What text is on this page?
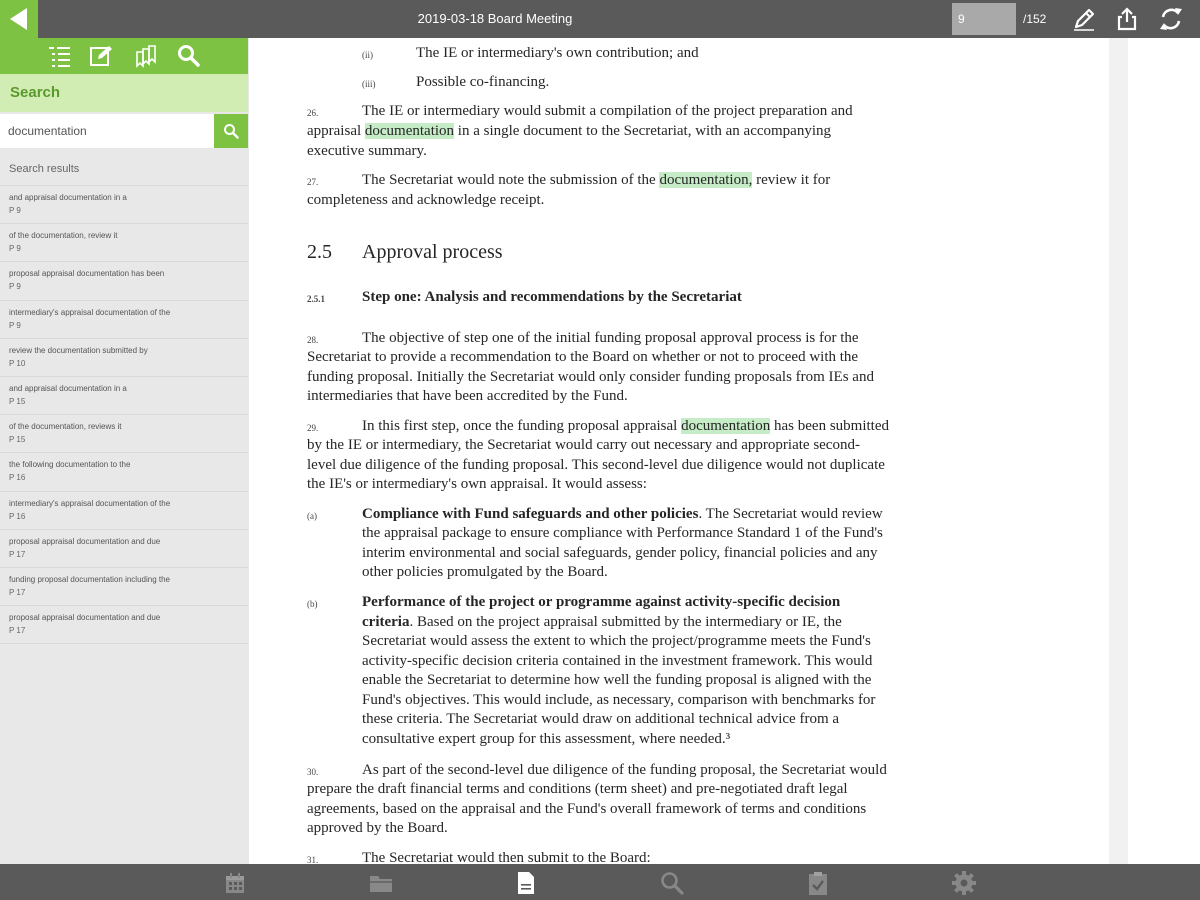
2019-03-18 Board Meeting
9	/152
Search
documentation
Search results
and appraisal documentation in a
P 9
of the documentation, review it
P 9
proposal appraisal documentation has been
P 9
intermediary's appraisal documentation of the
P 9
review the documentation submitted by
P 10
and appraisal documentation in a
P 15
of the documentation, reviews it
P 15
the following documentation to the
P 16
intermediary's appraisal documentation of the
P 16
proposal appraisal documentation and due
P 17
funding proposal documentation including the
P 17
proposal appraisal documentation and due
P 17
(ii)	The IE or intermediary's own contribution; and
(iii)	Possible co-financing.
26.	The IE or intermediary would submit a compilation of the project preparation and
appraisal documentation in a single document to the Secretariat, with an accompanying
executive summary.
27.	The Secretariat would note the submission of the documentation, review it for
completeness and acknowledge receipt.
2.5 Approval process
2.5.1 Step one: Analysis and recommendations by the Secretariat
28.	The objective of step one of the initial funding proposal approval process is for the
Secretariat to provide a recommendation to the Board on whether or not to proceed with the
funding proposal. Initially the Secretariat would only consider funding proposals from IEs and
intermediaries that have been accredited by the Fund.
29.	In this first step, once the funding proposal appraisal documentation has been submitted
by the IE or intermediary, the Secretariat would carry out necessary and appropriate second-
level due diligence of the funding proposal. This second-level due diligence would not duplicate
the IE's or intermediary's own appraisal. It would assess:
(a)	Compliance with Fund safeguards and other policies. The Secretariat would review
the appraisal package to ensure compliance with Performance Standard 1 of the Fund's
interim environmental and social safeguards, gender policy, financial policies and any
other policies promulgated by the Board.
(b)	Performance of the project or programme against activity-specific decision
criteria. Based on the project appraisal submitted by the intermediary or IE, the
Secretariat would assess the extent to which the project/programme meets the Fund's
activity-specific decision criteria contained in the investment framework. This would
enable the Secretariat to determine how well the funding proposal is aligned with the
Fund's objectives. This would include, as necessary, comparison with benchmarks for
these criteria. The Secretariat would draw on additional technical advice from a
consultative expert group for this assessment, where needed.³
30.	As part of the second-level due diligence of the funding proposal, the Secretariat would
prepare the draft financial terms and conditions (term sheet) and pre-negotiated draft legal
agreements, based on the appraisal and the Fund's overall framework of terms and conditions
approved by the Board.
31.	The Secretariat would then submit to the Board:
